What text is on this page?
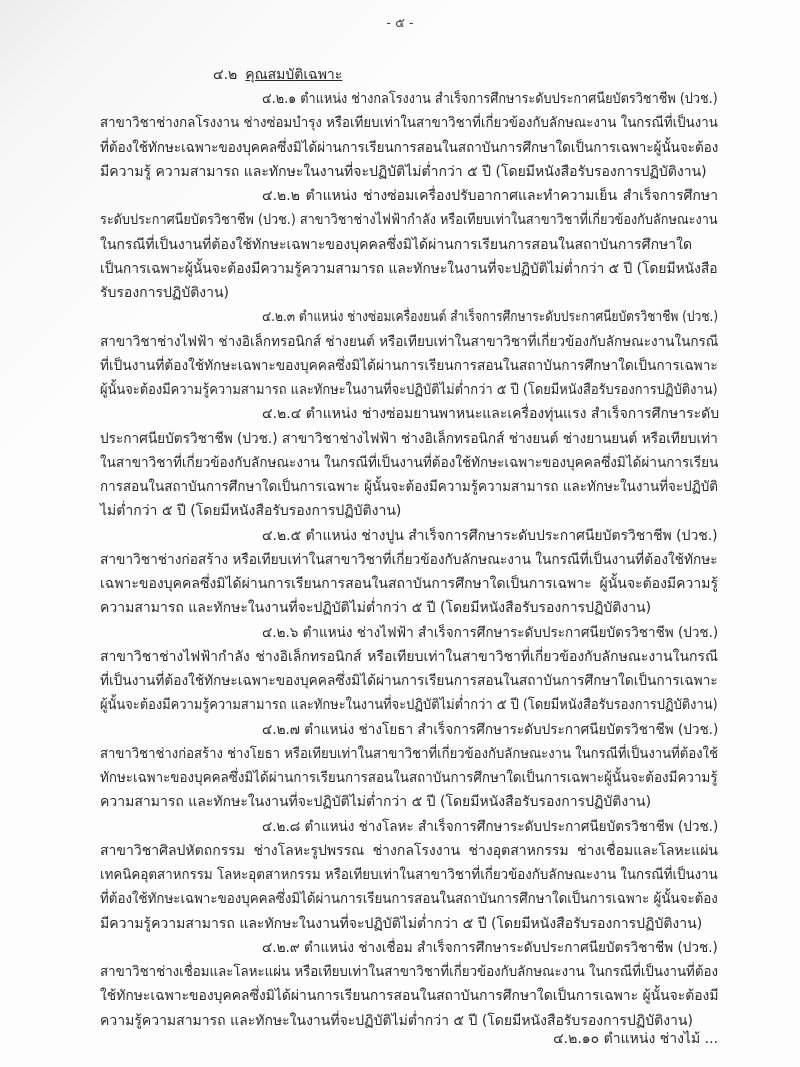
- ๕ -
๔.๒ คุณสมบัติเฉพาะ
๔.๒.๑ ตำแหน่ง ช่างกลโรงงาน สำเร็จการศึกษาระดับประกาศนียบัตรวิชาชีพ (ปวช.)
สาขาวิชาช่างกลโรงงาน ช่างซ่อมบำรุง หรือเทียบเท่าในสาขาวิชาที่เกี่ยวข้องกับลักษณะงาน ในกรณีที่เป็นงาน
ที่ต้องใช้ทักษะเฉพาะของบุคคลซึ่งมิได้ผ่านการเรียนการสอนในสถาบันการศึกษาใดเป็นการเฉพาะผู้นั้นจะต้อง
มีความรู้ ความสามารถ และทักษะในงานที่จะปฏิบัติไม่ต่ำกว่า ๕ ปี (โดยมีหนังสือรับรองการปฏิบัติงาน)
๔.๒.๒ ตำแหน่ง ช่างซ่อมเครื่องปรับอากาศและทำความเย็น สำเร็จการศึกษา
ระดับประกาศนียบัตรวิชาชีพ (ปวช.) สาขาวิชาช่างไฟฟ้ากำลัง หรือเทียบเท่าในสาขาวิชาที่เกี่ยวข้องกับลักษณะงาน
ในกรณีที่เป็นงานที่ต้องใช้ทักษะเฉพาะของบุคคลซึ่งมิได้ผ่านการเรียนการสอนในสถาบันการศึกษาใด
เป็นการเฉพาะผู้นั้นจะต้องมีความรู้ความสามารถ และทักษะในงานที่จะปฏิบัติไม่ต่ำกว่า ๕ ปี (โดยมีหนังสือ
รับรองการปฏิบัติงาน)
๔.๒.๓ ตำแหน่ง ช่างซ่อมเครื่องยนต์ สำเร็จการศึกษาระดับประกาศนียบัตรวิชาชีพ (ปวช.)
สาขาวิชาช่างไฟฟ้า ช่างอิเล็กทรอนิกส์ ช่างยนต์ หรือเทียบเท่าในสาขาวิชาที่เกี่ยวข้องกับลักษณะงานในกรณี
ที่เป็นงานที่ต้องใช้ทักษะเฉพาะของบุคคลซึ่งมิได้ผ่านการเรียนการสอนในสถาบันการศึกษาใดเป็นการเฉพาะ
ผู้นั้นจะต้องมีความรู้ความสามารถ และทักษะในงานที่จะปฏิบัติไม่ต่ำกว่า ๕ ปี (โดยมีหนังสือรับรองการปฏิบัติงาน)
๔.๒.๔ ตำแหน่ง ช่างซ่อมยานพาหนะและเครื่องทุ่นแรง สำเร็จการศึกษาระดับ
ประกาศนียบัตรวิชาชีพ (ปวช.) สาขาวิชาช่างไฟฟ้า ช่างอิเล็กทรอนิกส์ ช่างยนต์ ช่างยานยนต์ หรือเทียบเท่า
ในสาขาวิชาที่เกี่ยวข้องกับลักษณะงาน ในกรณีที่เป็นงานที่ต้องใช้ทักษะเฉพาะของบุคคลซึ่งมิได้ผ่านการเรียน
การสอนในสถาบันการศึกษาใดเป็นการเฉพาะ ผู้นั้นจะต้องมีความรู้ความสามารถ และทักษะในงานที่จะปฏิบัติ
ไม่ต่ำกว่า ๕ ปี (โดยมีหนังสือรับรองการปฏิบัติงาน)
๔.๒.๕ ตำแหน่ง ช่างปูน สำเร็จการศึกษาระดับประกาศนียบัตรวิชาชีพ (ปวช.)
สาขาวิชาช่างก่อสร้าง หรือเทียบเท่าในสาขาวิชาที่เกี่ยวข้องกับลักษณะงาน ในกรณีที่เป็นงานที่ต้องใช้ทักษะ
เฉพาะของบุคคลซึ่งมิได้ผ่านการเรียนการสอนในสถาบันการศึกษาใดเป็นการเฉพาะ ผู้นั้นจะต้องมีความรู้
ความสามารถ และทักษะในงานที่จะปฏิบัติไม่ต่ำกว่า ๕ ปี (โดยมีหนังสือรับรองการปฏิบัติงาน)
๔.๒.๖ ตำแหน่ง ช่างไฟฟ้า สำเร็จการศึกษาระดับประกาศนียบัตรวิชาชีพ (ปวช.)
สาขาวิชาช่างไฟฟ้ากำลัง ช่างอิเล็กทรอนิกส์ หรือเทียบเท่าในสาขาวิชาที่เกี่ยวข้องกับลักษณะงานในกรณี
ที่เป็นงานที่ต้องใช้ทักษะเฉพาะของบุคคลซึ่งมิได้ผ่านการเรียนการสอนในสถาบันการศึกษาใดเป็นการเฉพาะ
ผู้นั้นจะต้องมีความรู้ความสามารถ และทักษะในงานที่จะปฏิบัติไม่ต่ำกว่า ๕ ปี (โดยมีหนังสือรับรองการปฏิบัติงาน)
๔.๒.๗ ตำแหน่ง ช่างโยธา สำเร็จการศึกษาระดับประกาศนียบัตรวิชาชีพ (ปวช.)
สาขาวิชาช่างก่อสร้าง ช่างโยธา หรือเทียบเท่าในสาขาวิชาที่เกี่ยวข้องกับลักษณะงาน ในกรณีที่เป็นงานที่ต้องใช้
ทักษะเฉพาะของบุคคลซึ่งมิได้ผ่านการเรียนการสอนในสถาบันการศึกษาใดเป็นการเฉพาะผู้นั้นจะต้องมีความรู้
ความสามารถ และทักษะในงานที่จะปฏิบัติไม่ต่ำกว่า ๕ ปี (โดยมีหนังสือรับรองการปฏิบัติงาน)
๔.๒.๘ ตำแหน่ง ช่างโลหะ สำเร็จการศึกษาระดับประกาศนียบัตรวิชาชีพ (ปวช.)
สาขาวิชาศิลปหัตถกรรม ช่างโลหะรูปพรรณ ช่างกลโรงงาน ช่างอุตสาหกรรม ช่างเชื่อมและโลหะแผ่น
เทคนิคอุตสาหกรรม โลหะอุตสาหกรรม หรือเทียบเท่าในสาขาวิชาที่เกี่ยวข้องกับลักษณะงาน ในกรณีที่เป็นงาน
ที่ต้องใช้ทักษะเฉพาะของบุคคลซึ่งมิได้ผ่านการเรียนการสอนในสถาบันการศึกษาใดเป็นการเฉพาะ ผู้นั้นจะต้อง
มีความรู้ความสามารถ และทักษะในงานที่จะปฏิบัติไม่ต่ำกว่า ๕ ปี (โดยมีหนังสือรับรองการปฏิบัติงาน)
๔.๒.๙ ตำแหน่ง ช่างเชื่อม สำเร็จการศึกษาระดับประกาศนียบัตรวิชาชีพ (ปวช.)
สาขาวิชาช่างเชื่อมและโลหะแผ่น หรือเทียบเท่าในสาขาวิชาที่เกี่ยวข้องกับลักษณะงาน ในกรณีที่เป็นงานที่ต้อง
ใช้ทักษะเฉพาะของบุคคลซึ่งมิได้ผ่านการเรียนการสอนในสถาบันการศึกษาใดเป็นการเฉพาะ ผู้นั้นจะต้องมี
ความรู้ความสามารถ และทักษะในงานที่จะปฏิบัติไม่ต่ำกว่า ๕ ปี (โดยมีหนังสือรับรองการปฏิบัติงาน)
๔.๒.๑๐ ตำแหน่ง ช่างไม้ ...
